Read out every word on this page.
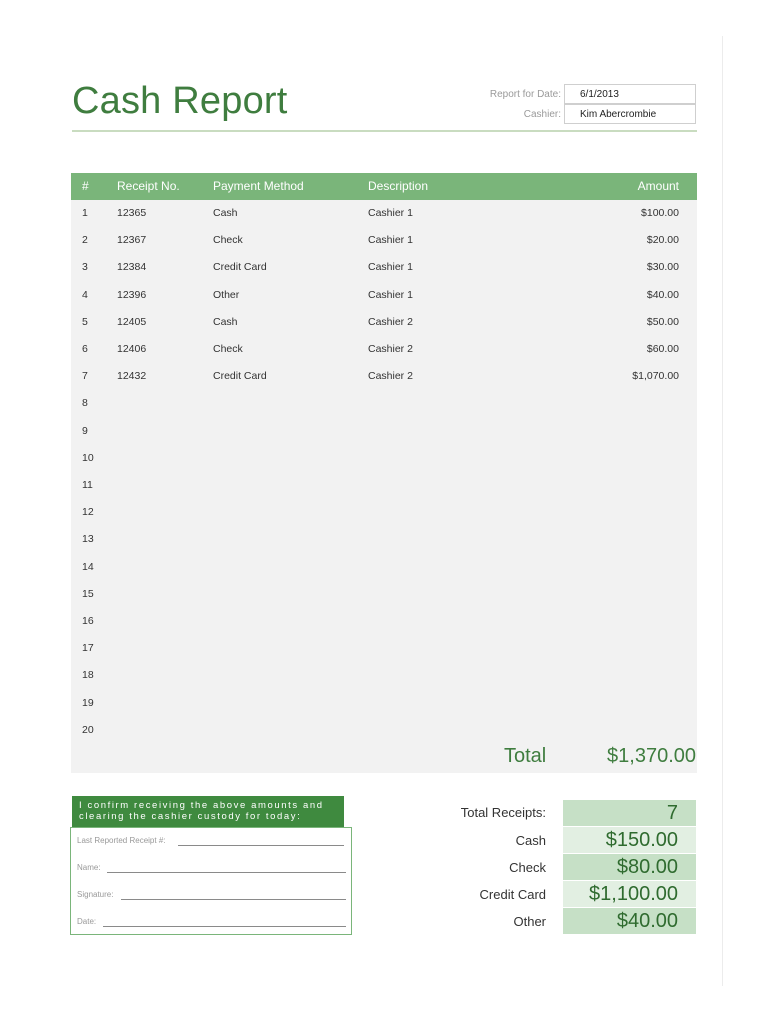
Cash Report	Report for Date:	6/1/2013
Cashier:	Kim Abercrombie
# Receipt No.	Payment Method	Description	Amount
1	12365	Cash	Cashier 1	$100.00
2	12367	Check	Cashier 1	$20.00
3	12384	Credit Card	Cashier 1	$30.00
4	12396	Other	Cashier 1	$40.00
5	12405	Cash	Cashier 2	$50.00
6	12406	Check	Cashier 2	$60.00
7	12432	Credit Card	Cashier 2	$1,070.00
8
9
10
11
12
13
14
15
16
17
18
19
20
Total	$1,370.00
I confirm receiving the above amounts and clearing the cashier custody for today:
Last Reported Receipt #:
Name:
Signature:
Date:
Total Receipts:	7
Cash	$150.00
Check	$80.00
Credit Card	$1,100.00
Other	$40.00
